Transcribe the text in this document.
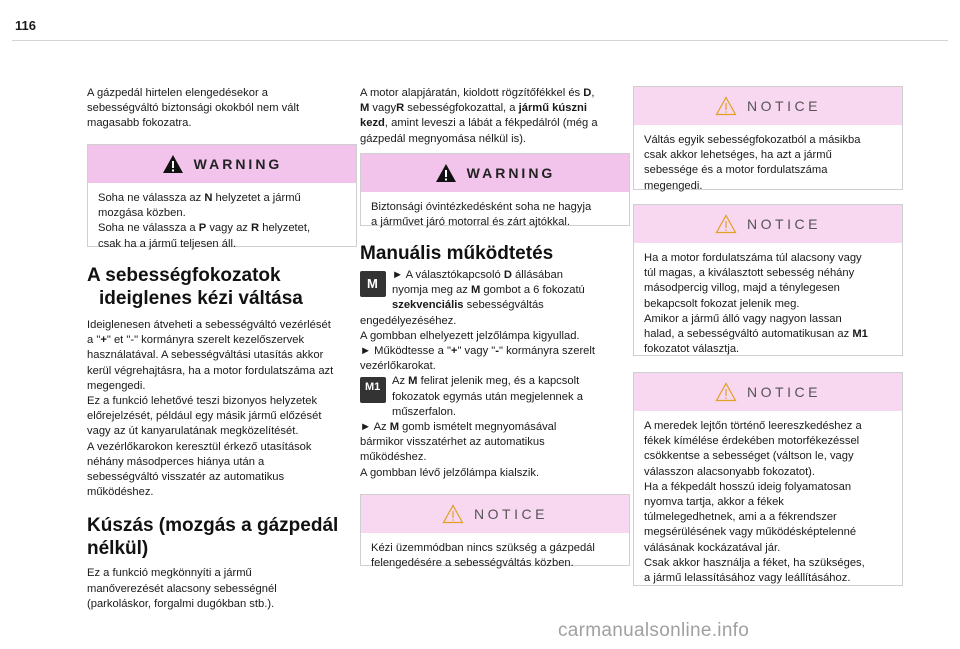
116

A gázpedál hirtelen elengedésekor a

sebességváltó biztonsági okokból nem vált

magasabb fokozatra.

WARNING

Soha ne válassza az N helyzetet a jármű

mozgása közben.

Soha ne válassza a P vagy az R helyzetet,

csak ha a jármű teljesen áll.

A sebességfokozatok
ideiglenes kézi váltása

Ideiglenesen átveheti a sebességváltó vezérlését

a "+" et "-" kormányra szerelt kezelőszervek

használatával. A sebességváltási utasítás akkor

kerül végrehajtásra, ha a motor fordulatszáma azt

megengedi.

Ez a funkció lehetővé teszi bizonyos helyzetek

előrejelzését, például egy másik jármű előzését

vagy az út kanyarulatának megközelítését.

A vezérlőkarokon keresztül érkező utasítások

néhány másodperces hiánya után a

sebességváltó visszatér az automatikus

működéshez.

Kúszás (mozgás a gázpedál
nélkül)

Ez a funkció megkönnyíti a jármű

manőverezését alacsony sebességnél

(parkoláskor, forgalmi dugókban stb.).

A motor alapjáratán, kioldott rögzítőfékkel és D,

M vagyR sebességfokozattal, a jármű kúszni

kezd, amint leveszi a lábát a fékpedálról (még a

gázpedál megnyomása nélkül is).

WARNING

Biztonsági óvintézkedésként soha ne hagyja

a járművet járó motorral és zárt ajtókkal.

Manuális működtetés
M

► A választókapcsoló D állásában

nyomja meg az M gombot a 6 fokozatú

szekvenciális sebességváltás

engedélyezéséhez.

A gombban elhelyezett jelzőlámpa kigyullad.

► Működtesse a "+" vagy "-" kormányra szerelt

vezérlőkarokat.

M1	Az M felirat jelenik meg, és a kapcsolt

fokozatok egymás után megjelennek a

műszerfalon.

► Az M gomb ismételt megnyomásával

bármikor visszatérhet az automatikus

működéshez.

A gombban lévő jelzőlámpa kialszik.

NOTICE

Kézi üzemmódban nincs szükség a gázpedál

felengedésére a sebességváltás közben.

NOTICE

Váltás egyik sebességfokozatból a másikba

csak akkor lehetséges, ha azt a jármű

sebessége és a motor fordulatszáma

megengedi.

NOTICE

Ha a motor fordulatszáma túl alacsony vagy

túl magas, a kiválasztott sebesség néhány

másodpercig villog, majd a ténylegesen

bekapcsolt fokozat jelenik meg.

Amikor a jármű álló vagy nagyon lassan

halad, a sebességváltó automatikusan az M1

fokozatot választja.

NOTICE

A meredek lejtőn történő leereszkedéshez a

fékek kímélése érdekében motorfékezéssel

csökkentse a sebességet (váltson le, vagy

válasszon alacsonyabb fokozatot).

Ha a fékpedált hosszú ideig folyamatosan

nyomva tartja, akkor a fékek

túlmelegedhetnek, ami a a fékrendszer

megsérülésének vagy működésképtelenné

válásának kockázatával jár.

Csak akkor használja a féket, ha szükséges,

a jármű lelassításához vagy leállításához.

carmanualsonline.info
